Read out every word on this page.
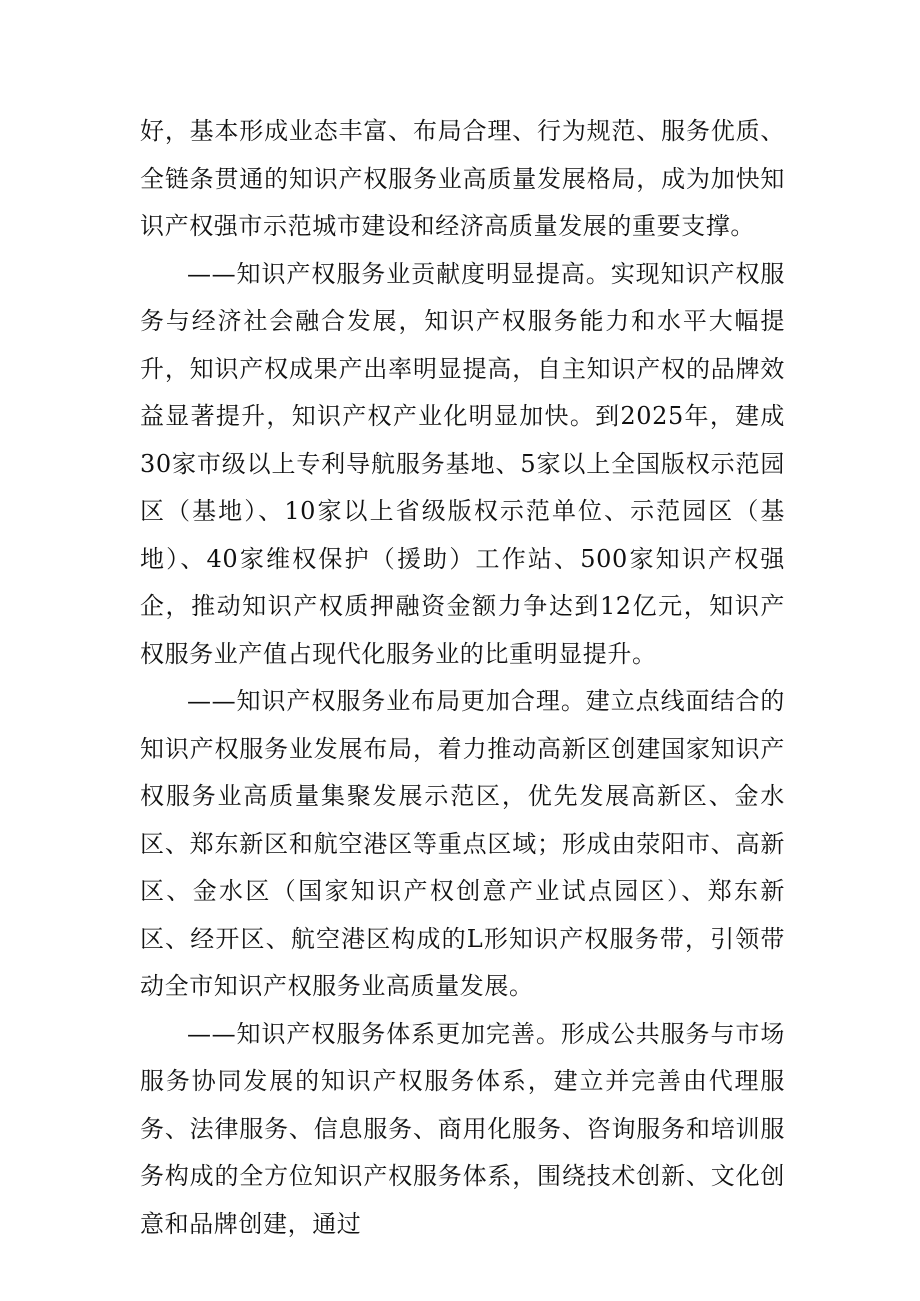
好，基本形成业态丰富、布局合理、行为规范、服务优质、全链条贯通的知识产权服务业高质量发展格局，成为加快知识产权强市示范城市建设和经济高质量发展的重要支撑。

——知识产权服务业贡献度明显提高。实现知识产权服务与经济社会融合发展，知识产权服务能力和水平大幅提升，知识产权成果产出率明显提高，自主知识产权的品牌效益显著提升，知识产权产业化明显加快。到2025年，建成30家市级以上专利导航服务基地、5家以上全国版权示范园区（基地）、10家以上省级版权示范单位、示范园区（基地）、40家维权保护（援助）工作站、500家知识产权强企，推动知识产权质押融资金额力争达到12亿元，知识产权服务业产值占现代化服务业的比重明显提升。

——知识产权服务业布局更加合理。建立点线面结合的知识产权服务业发展布局，着力推动高新区创建国家知识产权服务业高质量集聚发展示范区，优先发展高新区、金水区、郑东新区和航空港区等重点区域；形成由荥阳市、高新区、金水区（国家知识产权创意产业试点园区）、郑东新区、经开区、航空港区构成的L形知识产权服务带，引领带动全市知识产权服务业高质量发展。

——知识产权服务体系更加完善。形成公共服务与市场服务协同发展的知识产权服务体系，建立并完善由代理服务、法律服务、信息服务、商用化服务、咨询服务和培训服务构成的全方位知识产权服务体系，围绕技术创新、文化创意和品牌创建，通过
